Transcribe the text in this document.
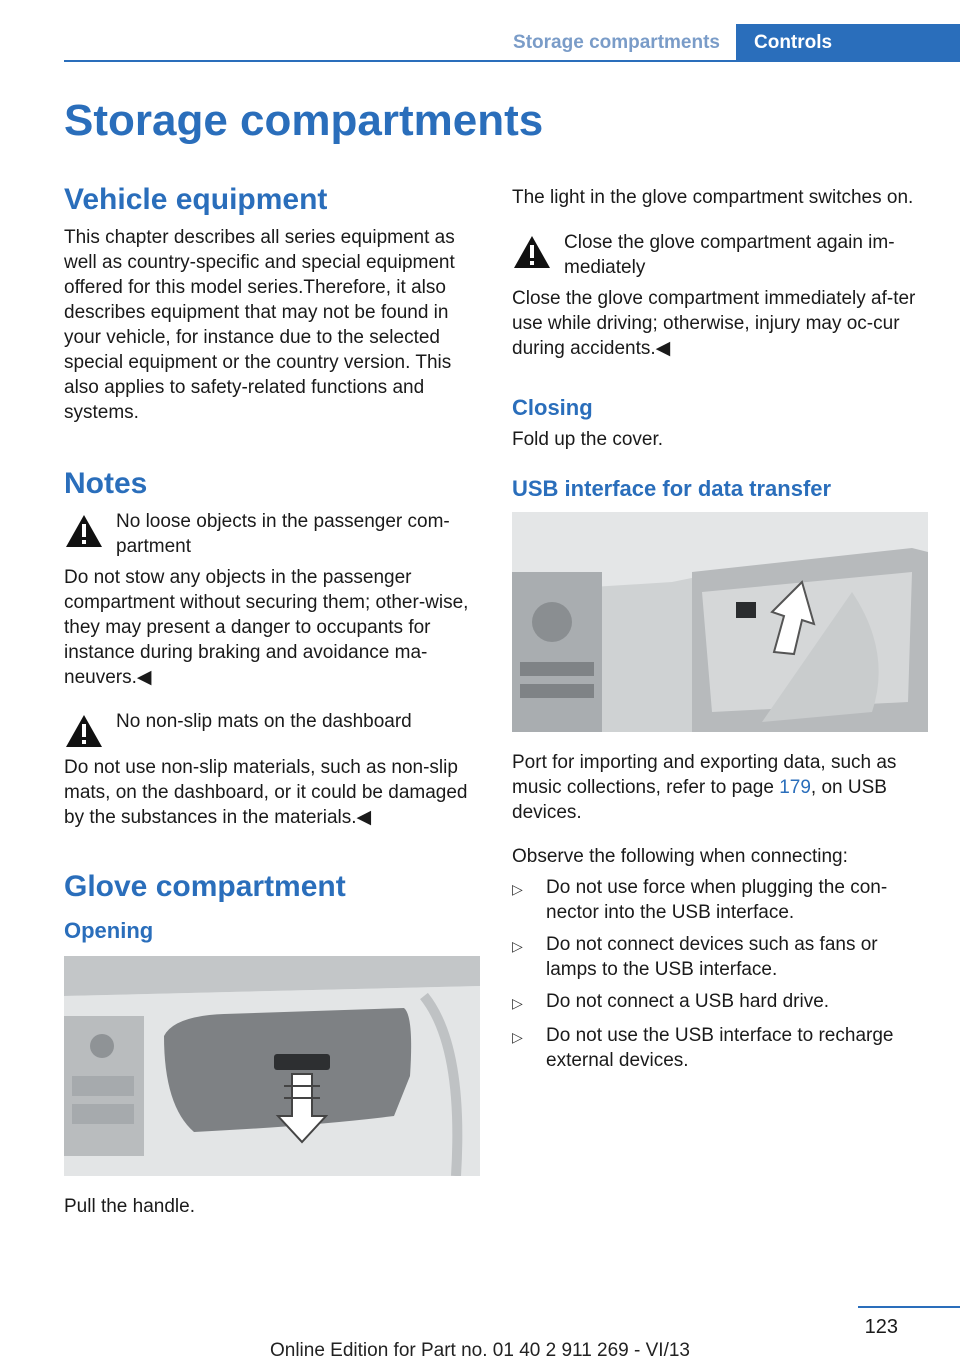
Storage compartments	Controls
Storage compartments
Vehicle equipment

This chapter describes all series equipment as well as country-specific and special equipment offered for this model series.Therefore, it also describes equipment that may not be found in your vehicle, for instance due to the selected special equipment or the country version. This also applies to safety-related functions and systems.

Notes
No loose objects in the passenger com‐partment
Do not stow any objects in the passenger compartment without securing them; other‐wise, they may present a danger to occupants for instance during braking and avoidance ma‐neuvers.◀
No non-slip mats on the dashboard
Do not use non-slip materials, such as non-slip mats, on the dashboard, or it could be damaged by the substances in the materials.◀
Glove compartment
Opening

Pull the handle.

The light in the glove compartment switches on.

Close the glove compartment again im‐mediately
Close the glove compartment immediately af‐ter use while driving; otherwise, injury may oc‐cur during accidents.◀
Closing

Fold up the cover.

USB interface for data transfer

Port for importing and exporting data, such as music collections, refer to page 179, on USB devices.

Observe the following when connecting:

▷	Do not use force when plugging the con‐nector into the USB interface.
▷	Do not connect devices such as fans or lamps to the USB interface.
▷	Do not connect a USB hard drive.
▷	Do not use the USB interface to recharge external devices.
123
Online Edition for Part no. 01 40 2 911 269 - VI/13
